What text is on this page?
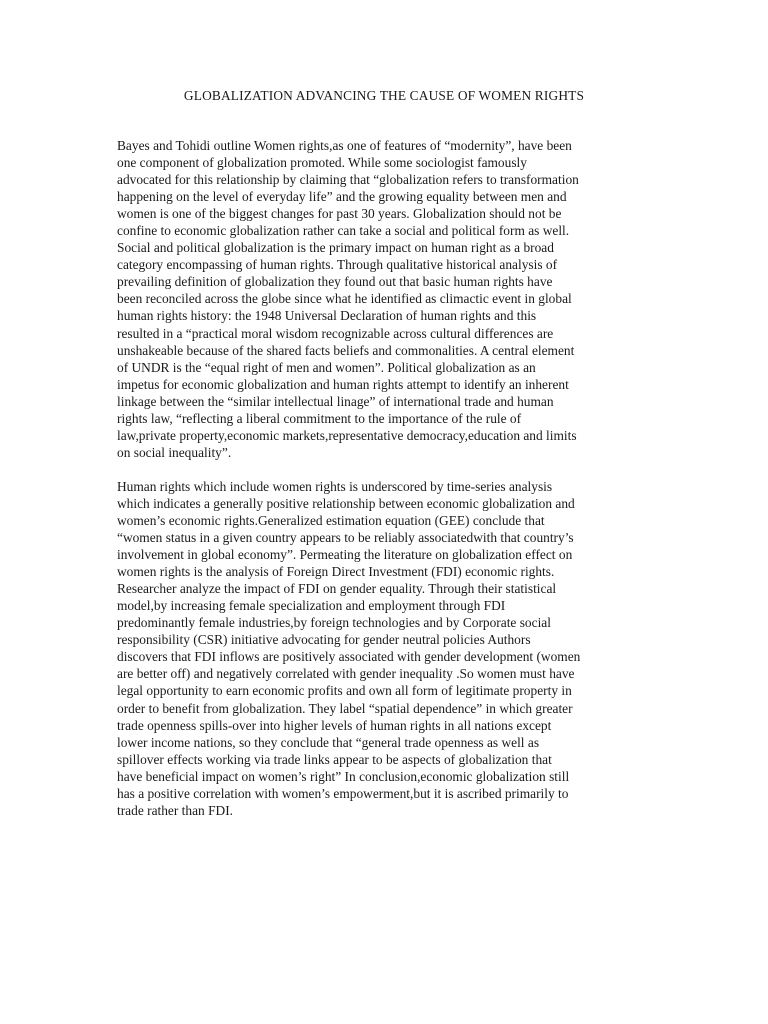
GLOBALIZATION ADVANCING THE CAUSE OF WOMEN RIGHTS

Bayes and Tohidi outline Women rights,as one of features of “modernity”, have been
one component of globalization promoted. While some sociologist famously
advocated for this relationship by claiming that “globalization refers to transformation
happening on the level of everyday life” and the growing equality between men and
women is one of the biggest changes for past 30 years. Globalization should not be
confine to economic globalization rather can take a social and political form as well.
Social and political globalization is the primary impact on human right as a broad
category encompassing of human rights. Through qualitative historical analysis of
prevailing definition of globalization they found out that basic human rights have
been reconciled across the globe since what he identified as climactic event in global
human rights history: the 1948 Universal Declaration of human rights and this
resulted in a “practical moral wisdom recognizable across cultural differences are
unshakeable because of the shared facts beliefs and commonalities. A central element
of UNDR is the “equal right of men and women”. Political globalization as an
impetus for economic globalization and human rights attempt to identify an inherent
linkage between the “similar intellectual linage” of international trade and human
rights law, “reflecting a liberal commitment to the importance of the rule of
law,private property,economic markets,representative democracy,education and limits
on social inequality”.

Human rights which include women rights is underscored by time-series analysis
which indicates a generally positive relationship between economic globalization and
women’s economic rights.Generalized estimation equation (GEE) conclude that
“women status in a given country appears to be reliably associatedwith that country’s
involvement in global economy”. Permeating the literature on globalization effect on
women rights is the analysis of Foreign Direct Investment (FDI) economic rights.
Researcher analyze the impact of FDI on gender equality. Through their statistical
model,by increasing female specialization and employment through FDI
predominantly female industries,by foreign technologies and by Corporate social
responsibility (CSR) initiative advocating for gender neutral policies Authors
discovers that FDI inflows are positively associated with gender development (women
are better off) and negatively correlated with gender inequality .So women must have
legal opportunity to earn economic profits and own all form of legitimate property in
order to benefit from globalization. They label “spatial dependence” in which greater
trade openness spills-over into higher levels of human rights in all nations except
lower income nations, so they conclude that “general trade openness as well as
spillover effects working via trade links appear to be aspects of globalization that
have beneficial impact on women’s right” In conclusion,economic globalization still
has a positive correlation with women’s empowerment,but it is ascribed primarily to
trade rather than FDI.
